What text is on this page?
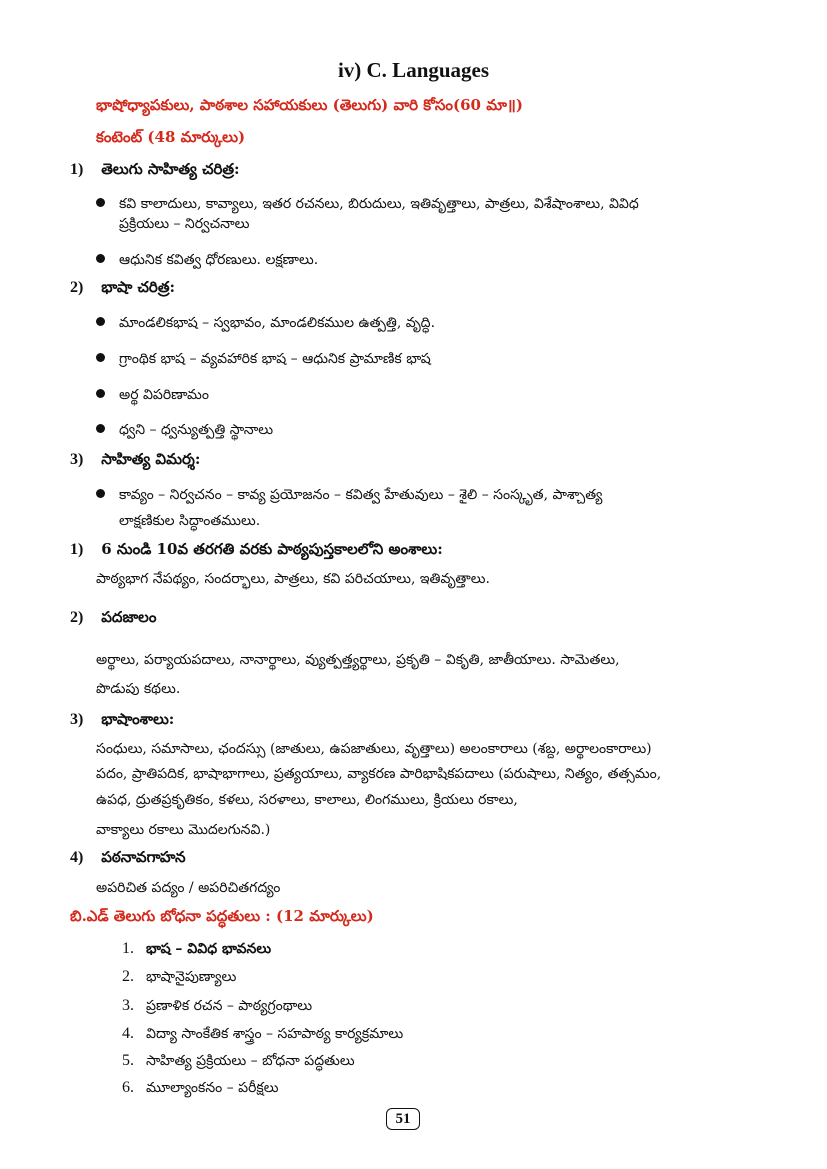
iv) C. Languages
భాషోధ్యాపకులు, పాఠశాల సహాయకులు (తెలుగు) వారి కోసం(60 మా॥)
కంటెంట్ (48 మార్కులు)
1) తెలుగు సాహిత్య చరిత్ర:
కవి కాలాదులు, కావ్యాలు, ఇతర రచనలు, బిరుదులు, ఇతివృత్తాలు, పాత్రలు, విశేషాంశాలు, వివిధ
ప్రక్రియలు – నిర్వచనాలు
ఆధునిక కవిత్వ ధోరణులు. లక్షణాలు.
2) భాషా చరిత్ర:
మాండలికభాష – స్వభావం, మాండలికముల ఉత్పత్తి, వృద్ధి.
గ్రాంథిక భాష – వ్యవహారిక భాష – ఆధునిక ప్రామాణిక భాష
అర్థ విపరిణామం
ధ్వని – ధ్వన్యుత్పత్తి స్థానాలు
3) సాహిత్య విమర్శ:
కావ్యం – నిర్వచనం – కావ్య ప్రయోజనం – కవిత్వ హేతువులు – శైలి – సంస్కృత, పాశ్చాత్య
లాక్షణికుల సిద్ధాంతములు.
1) 6 నుండి 10వ తరగతి వరకు పాఠ్యపుస్తకాలలోని అంశాలు:
పాఠ్యభాగ నేపథ్యం, సందర్భాలు, పాత్రలు, కవి పరిచయాలు, ఇతివృత్తాలు.
2) పదజాలం
అర్థాలు, పర్యాయపదాలు, నానార్థాలు, వ్యుత్పత్త్యర్థాలు, ప్రకృతి – వికృతి, జాతీయాలు. సామెతలు,
పొడుపు కథలు.
3) భాషాంశాలు:
సంధులు, సమాసాలు, ఛందస్సు (జాతులు, ఉపజాతులు, వృత్తాలు) అలంకారాలు (శబ్ద, అర్థాలంకారాలు)
పదం, ప్రాతిపదిక, భాషాభాగాలు, ప్రత్యయాలు, వ్యాకరణ పారిభాషికపదాలు (పరుషాలు, నిత్యం, తత్సమం,
ఉపధ, ద్రుతప్రకృతికం, కళలు, సరళాలు, కాలాలు, లింగములు, క్రియలు రకాలు,
వాక్యాలు రకాలు మొదలగునవి.)
4) పఠనావగాహన
అపరిచిత పద్యం / అపరిచితగద్యం
బి.ఎడ్ తెలుగు బోధనా పద్ధతులు : (12 మార్కులు)
1. భాష – వివిధ భావనలు
2. భాషానైపుణ్యాలు
3. ప్రణాళిక రచన – పాఠ్యగ్రంథాలు
4. విద్యా సాంకేతిక శాస్త్రం – సహపాఠ్య కార్యక్రమాలు
5. సాహిత్య ప్రక్రియలు – బోధనా పద్ధతులు
6. మూల్యాంకనం – పరీక్షలు
51
